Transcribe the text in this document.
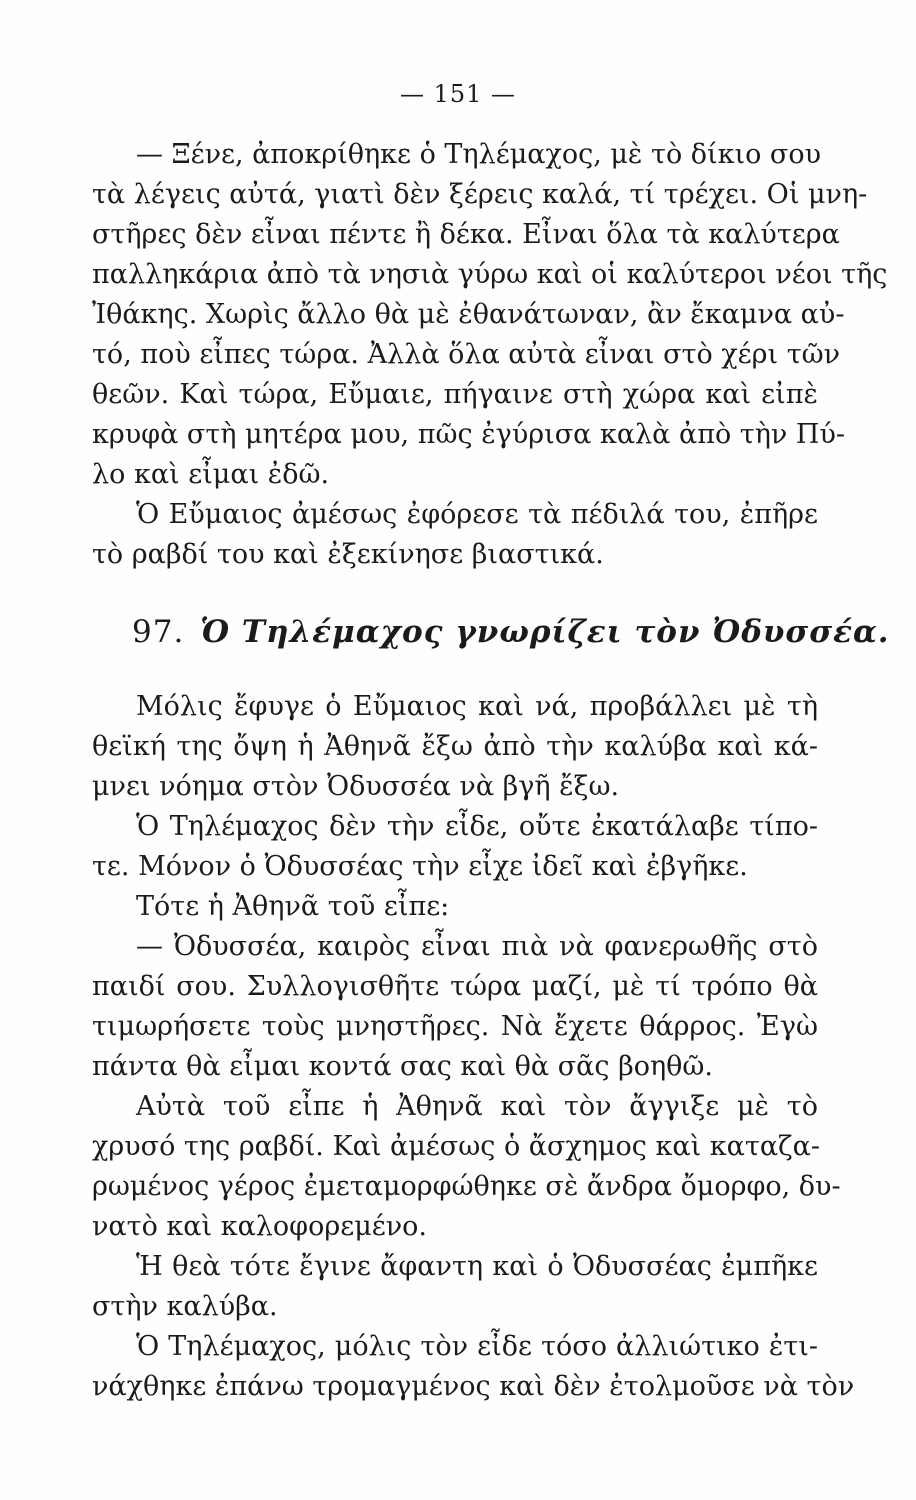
— 151 —
— Ξένε, ἀποκρίθηκε ὁ Τηλέμαχος, μὲ τὸ δίκιο σου
τὰ λέγεις αὐτά, γιατὶ δὲν ξέρεις καλά, τί τρέχει. Οἱ μνη-
στῆρες δὲν εἶναι πέντε ἢ δέκα. Εἶναι ὅλα τὰ καλύτερα
παλληκάρια ἀπὸ τὰ νησιὰ γύρω καὶ οἱ καλύτεροι νέοι τῆς
Ἰθάκης. Χωρὶς ἄλλο θὰ μὲ ἐθανάτωναν, ἂν ἔκαμνα αὐ-
τό, ποὺ εἶπες τώρα. Ἀλλὰ ὅλα αὐτὰ εἶναι στὸ χέρι τῶν
θεῶν. Καὶ τώρα, Εὔμαιε, πήγαινε στὴ χώρα καὶ εἰπὲ
κρυφὰ στὴ μητέρα μου, πῶς ἐγύρισα καλὰ ἀπὸ τὴν Πύ-
λο καὶ εἶμαι ἐδῶ.
Ὁ Εὔμαιος ἀμέσως ἐφόρεσε τὰ πέδιλά του, ἐπῆρε
τὸ ραβδί του καὶ ἐξεκίνησε βιαστικά.
97. Ὁ Τηλέμαχος γνωρίζει τὸν Ὀδυσσέα.
Μόλις ἔφυγε ὁ Εὔμαιος καὶ νά, προβάλλει μὲ τὴ
θεϊκή της ὄψη ἡ Ἀθηνᾶ ἔξω ἀπὸ τὴν καλύβα καὶ κά-
μνει νόημα στὸν Ὀδυσσέα νὰ βγῆ ἔξω.
Ὁ Τηλέμαχος δὲν τὴν εἶδε, οὔτε ἐκατάλαβε τίπο-
τε. Μόνον ὁ Ὀδυσσέας τὴν εἶχε ἰδεῖ καὶ ἐβγῆκε.
Τότε ἡ Ἀθηνᾶ τοῦ εἶπε:
— Ὀδυσσέα, καιρὸς εἶναι πιὰ νὰ φανερωθῆς στὸ
παιδί σου. Συλλογισθῆτε τώρα μαζί, μὲ τί τρόπο θὰ
τιμωρήσετε τοὺς μνηστῆρες. Νὰ ἔχετε θάρρος. Ἐγὼ
πάντα θὰ εἶμαι κοντά σας καὶ θὰ σᾶς βοηθῶ.
Αὐτὰ τοῦ εἶπε ἡ Ἀθηνᾶ καὶ τὸν ἄγγιξε μὲ τὸ
χρυσό της ραβδί. Καὶ ἀμέσως ὁ ἄσχημος καὶ καταζα-
ρωμένος γέρος ἐμεταμορφώθηκε σὲ ἄνδρα ὄμορφο, δυ-
νατὸ καὶ καλοφορεμένο.
Ἡ θεὰ τότε ἔγινε ἄφαντη καὶ ὁ Ὀδυσσέας ἐμπῆκε
στὴν καλύβα.
Ὁ Τηλέμαχος, μόλις τὸν εἶδε τόσο ἀλλιώτικο ἐτι-
νάχθηκε ἐπάνω τρομαγμένος καὶ δὲν ἐτολμοῦσε νὰ τὸν
